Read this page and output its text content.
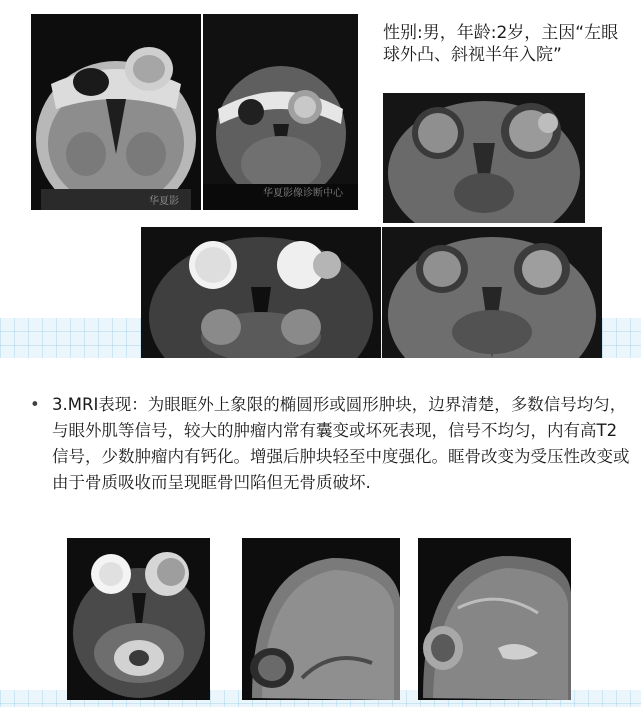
华夏影
华夏影像诊断中心
性别:男，年龄:2岁，主因“左眼球外凸、斜视半年入院”
• 3.MRI表现：为眼眶外上象限的椭圆形或圆形肿块，边界清楚，多数信号均匀， 与眼外肌等信号，较大的肿瘤内常有囊变或坏死表现，信号不均匀，内有高T2信号，少数肿瘤内有钙化。增强后肿块轻至中度强化。眶骨改变为受压性改变或由于骨质吸收而呈现眶骨凹陷但无骨质破坏.
